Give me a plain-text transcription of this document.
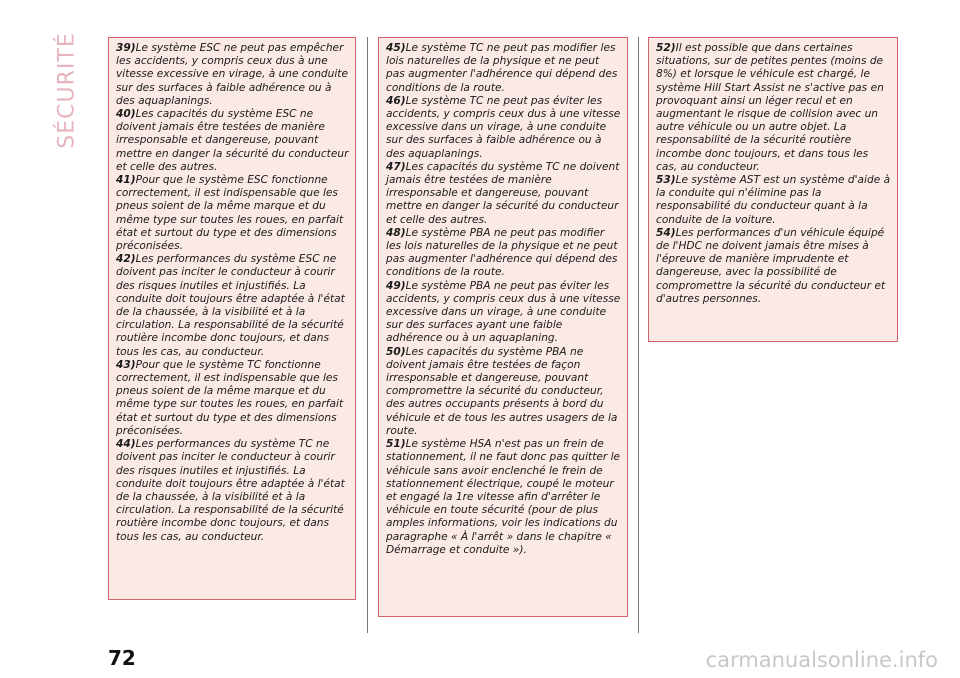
SÉCURITÉ	39)Le système ESC ne peut pas empêcher les accidents, y compris ceux dus à une vitesse excessive en virage, à une conduite sur des surfaces à faible adhérence ou à des aquaplanings.

40)Les capacités du système ESC ne doivent jamais être testées de manière irresponsable et dangereuse, pouvant mettre en danger la sécurité du conducteur et celle des autres.

41)Pour que le système ESC fonctionne correctement, il est indispensable que les pneus soient de la même marque et du même type sur toutes les roues, en parfait état et surtout du type et des dimensions préconisées.

42)Les performances du système ESC ne doivent pas inciter le conducteur à courir des risques inutiles et injustifiés. La conduite doit toujours être adaptée à l'état de la chaussée, à la visibilité et à la circulation. La responsabilité de la sécurité routière incombe donc toujours, et dans tous les cas, au conducteur.

43)Pour que le système TC fonctionne correctement, il est indispensable que les pneus soient de la même marque et du même type sur toutes les roues, en parfait état et surtout du type et des dimensions préconisées.

44)Les performances du système TC ne doivent pas inciter le conducteur à courir des risques inutiles et injustifiés. La conduite doit toujours être adaptée à l'état de la chaussée, à la visibilité et à la circulation. La responsabilité de la sécurité routière incombe donc toujours, et dans tous les cas, au conducteur.

45)Le système TC ne peut pas modifier les lois naturelles de la physique et ne peut pas augmenter l'adhérence qui dépend des conditions de la route.

46)Le système TC ne peut pas éviter les accidents, y compris ceux dus à une vitesse excessive dans un virage, à une conduite sur des surfaces à faible adhérence ou à des aquaplanings.

47)Les capacités du système TC ne doivent jamais être testées de manière irresponsable et dangereuse, pouvant mettre en danger la sécurité du conducteur et celle des autres.

48)Le système PBA ne peut pas modifier les lois naturelles de la physique et ne peut pas augmenter l'adhérence qui dépend des conditions de la route.

49)Le système PBA ne peut pas éviter les accidents, y compris ceux dus à une vitesse excessive dans un virage, à une conduite sur des surfaces ayant une faible adhérence ou à un aquaplaning.

50)Les capacités du système PBA ne doivent jamais être testées de façon irresponsable et dangereuse, pouvant compromettre la sécurité du conducteur, des autres occupants présents à bord du véhicule et de tous les autres usagers de la route.

51)Le système HSA n'est pas un frein de stationnement, il ne faut donc pas quitter le véhicule sans avoir enclenché le frein de stationnement électrique, coupé le moteur et engagé la 1re vitesse afin d'arrêter le véhicule en toute sécurité (pour de plus amples informations, voir les indications du paragraphe « À l'arrêt » dans le chapitre « Démarrage et conduite »).

52)Il est possible que dans certaines situations, sur de petites pentes (moins de 8%) et lorsque le véhicule est chargé, le système Hill Start Assist ne s'active pas en provoquant ainsi un léger recul et en augmentant le risque de collision avec un autre véhicule ou un autre objet. La responsabilité de la sécurité routière incombe donc toujours, et dans tous les cas, au conducteur.

53)Le système AST est un système d'aide à la conduite qui n'élimine pas la responsabilité du conducteur quant à la conduite de la voiture.

54)Les performances d'un véhicule équipé de l'HDC ne doivent jamais être mises à l'épreuve de manière imprudente et dangereuse, avec la possibilité de compromettre la sécurité du conducteur et d'autres personnes.

72	carmanualsonline.info
